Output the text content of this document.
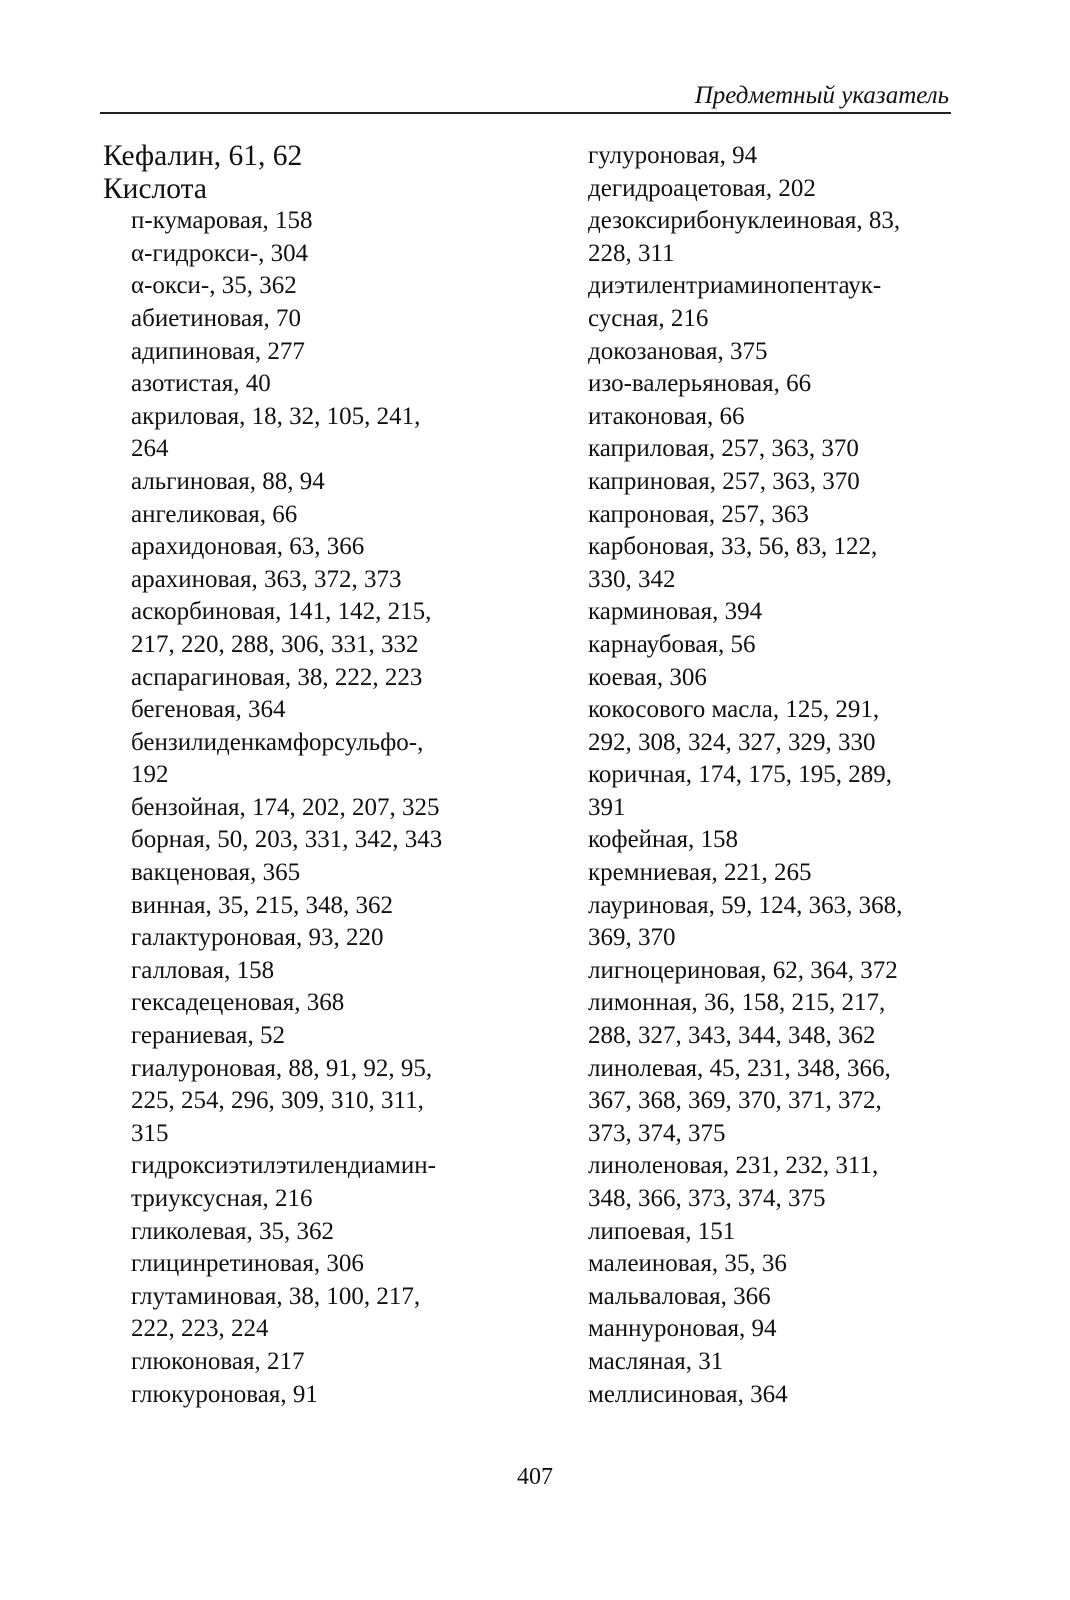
Предметный указатель
Кефалин, 61, 62
Кислота
п-кумаровая, 158
α-гидрокси-, 304
α-окси-, 35, 362
абиетиновая, 70
адипиновая, 277
азотистая, 40
акриловая, 18, 32, 105, 241,
264
альгиновая, 88, 94
ангеликовая, 66
арахидоновая, 63, 366
арахиновая, 363, 372, 373
аскорбиновая, 141, 142, 215,
217, 220, 288, 306, 331, 332
аспарагиновая, 38, 222, 223
бегеновая, 364
бензилиденкамфорсульфо-,
192
бензойная, 174, 202, 207, 325
борная, 50, 203, 331, 342, 343
вакценовая, 365
винная, 35, 215, 348, 362
галактуроновая, 93, 220
галловая, 158
гексадеценовая, 368
гераниевая, 52
гиалуроновая, 88, 91, 92, 95,
225, 254, 296, 309, 310, 311,
315
гидроксиэтилэтилендиамин-
триуксусная, 216
гликолевая, 35, 362
глицинретиновая, 306
глутаминовая, 38, 100, 217,
222, 223, 224
глюконовая, 217
глюкуроновая, 91
гулуроновая, 94
дегидроацетовая, 202
дезоксирибонуклеиновая, 83,
228, 311
диэтилентриаминопентаук-
сусная, 216
докозановая, 375
изо-валерьяновая, 66
итаконовая, 66
каприловая, 257, 363, 370
каприновая, 257, 363, 370
капроновая, 257, 363
карбоновая, 33, 56, 83, 122,
330, 342
карминовая, 394
карнаубовая, 56
коевая, 306
кокосового масла, 125, 291,
292, 308, 324, 327, 329, 330
коричная, 174, 175, 195, 289,
391
кофейная, 158
кремниевая, 221, 265
лауриновая, 59, 124, 363, 368,
369, 370
лигноцериновая, 62, 364, 372
лимонная, 36, 158, 215, 217,
288, 327, 343, 344, 348, 362
линолевая, 45, 231, 348, 366,
367, 368, 369, 370, 371, 372,
373, 374, 375
линоленовая, 231, 232, 311,
348, 366, 373, 374, 375
липоевая, 151
малеиновая, 35, 36
мальваловая, 366
маннуроновая, 94
масляная, 31
меллисиновая, 364
407
